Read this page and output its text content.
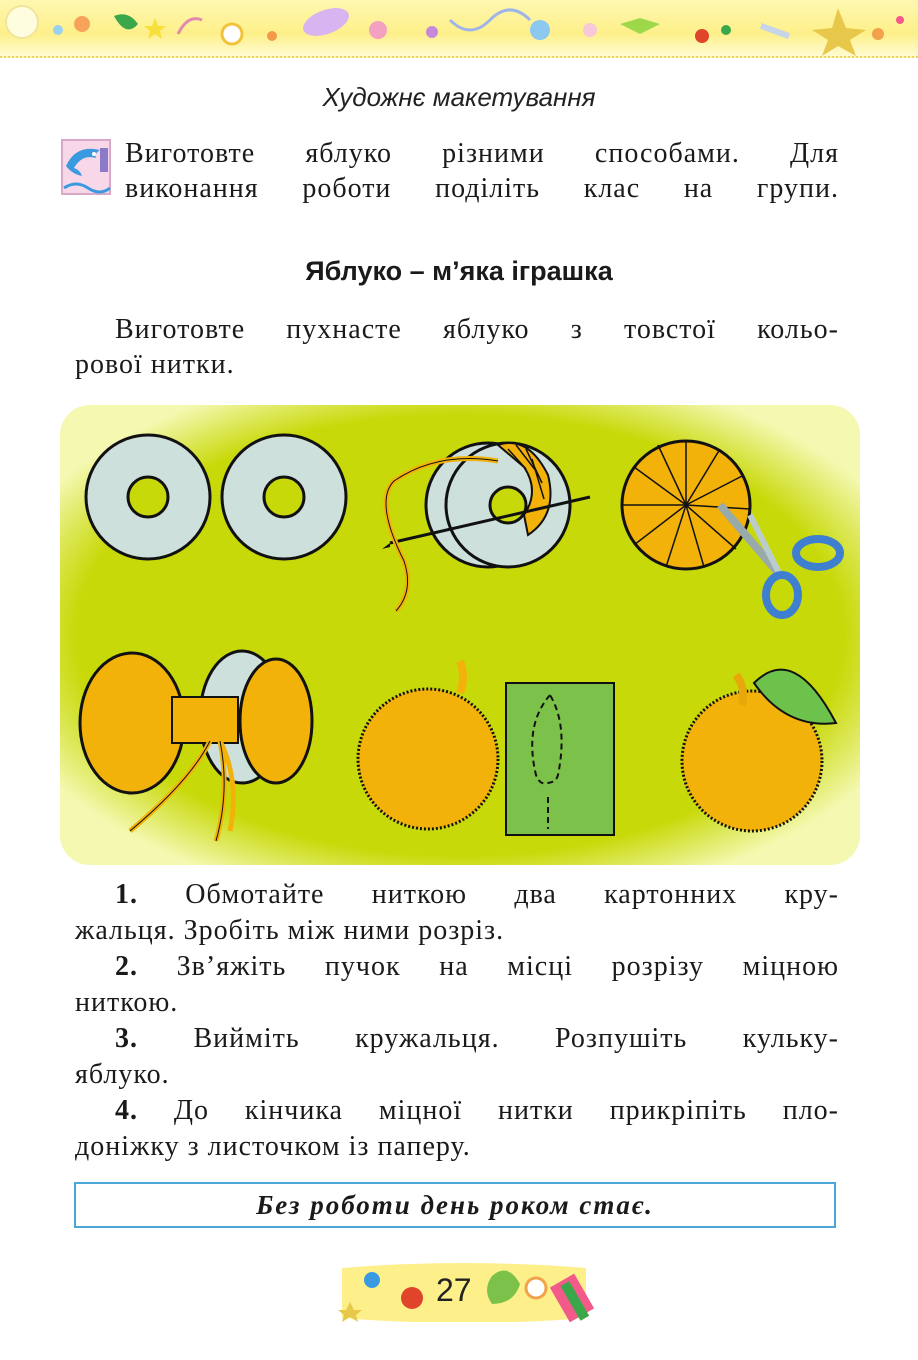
Художнє макетування

Виготовте яблуко різними способами. Для

виконання роботи поділіть клас на групи.

Яблуко – м’яка іграшка
Виготовте пухнасте яблуко з товстої кольо-
рової нитки.
1. Обмотайте ниткою два картонних кру-
жальця. Зробіть між ними розріз.
2. Зв’яжіть пучок на місці розрізу міцною
ниткою.
3. Вийміть кружальця. Розпушіть кульку-
яблуко.
4. До кінчика міцної нитки прикріпіть пло-
доніжку з листочком із паперу.
Без роботи день роком стає.
27
